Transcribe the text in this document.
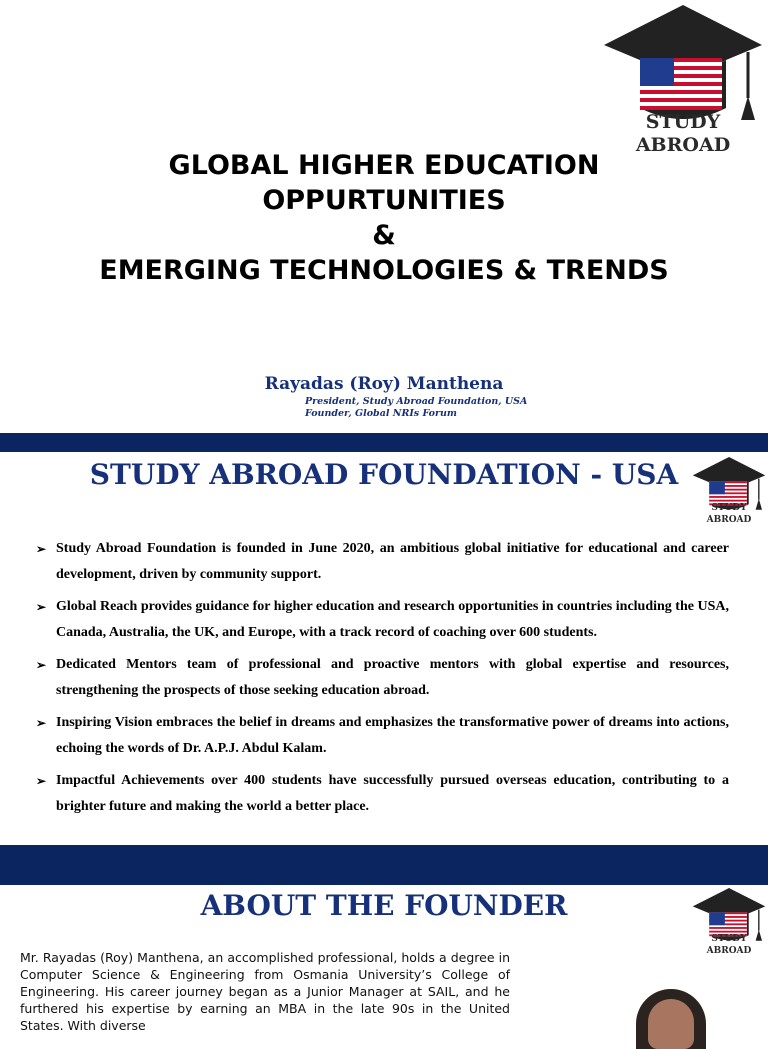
STUDY
ABROAD
GLOBAL HIGHER EDUCATION
OPPURTUNITIES
&
EMERGING TECHNOLOGIES & TRENDS
Rayadas (Roy) Manthena
President, Study Abroad Foundation, USA
Founder, Global NRIs Forum
STUDY ABROAD FOUNDATION - USA
STUDY
ABROAD
➢ Study Abroad Foundation is founded in June 2020, an ambitious global initiative for educational and career development, driven by community support.
➢ Global Reach provides guidance for higher education and research opportunities in countries including the USA, Canada, Australia, the UK, and Europe, with a track record of coaching over 600 students.
➢ Dedicated Mentors team of professional and proactive mentors with global expertise and resources, strengthening the prospects of those seeking education abroad.
➢ Inspiring Vision embraces the belief in dreams and emphasizes the transformative power of dreams into actions, echoing the words of Dr. A.P.J. Abdul Kalam.
➢ Impactful Achievements over 400 students have successfully pursued overseas education, contributing to a brighter future and making the world a better place.
ABOUT THE FOUNDER
STUDY
ABROAD
Mr. Rayadas (Roy) Manthena, an accomplished professional, holds a degree in Computer Science & Engineering from Osmania University’s College of Engineering. His career journey began as a Junior Manager at SAIL, and he furthered his expertise by earning an MBA in the late 90s in the United States. With diverse
